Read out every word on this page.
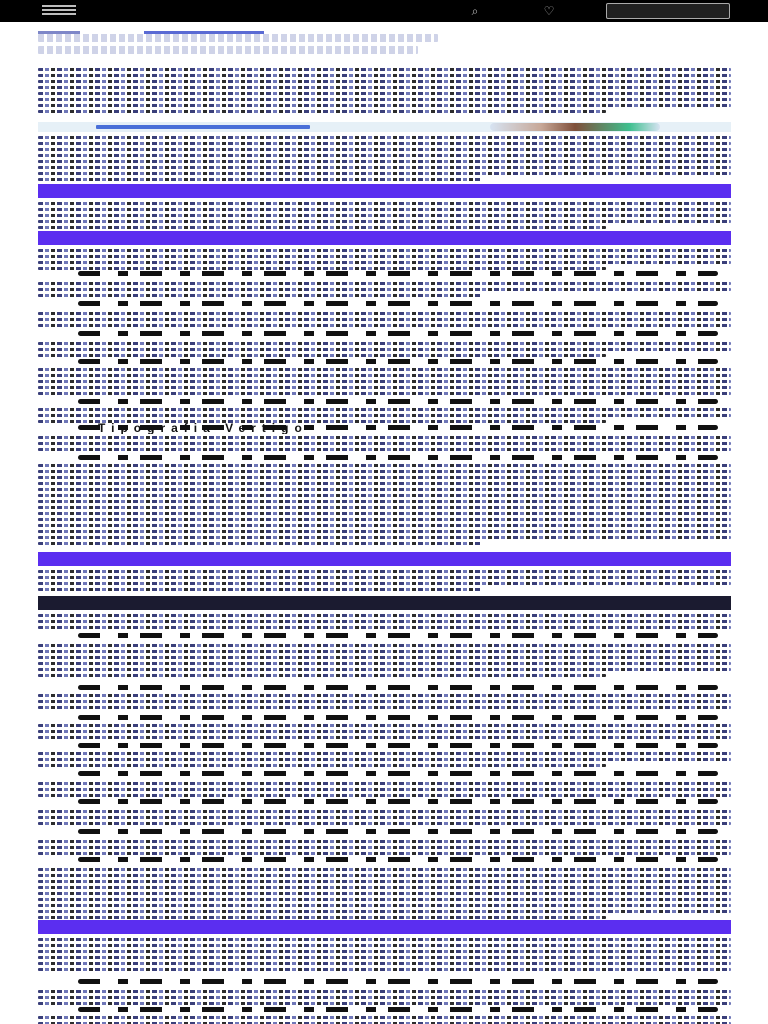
⌕	♡

Tipografia Vertigo
